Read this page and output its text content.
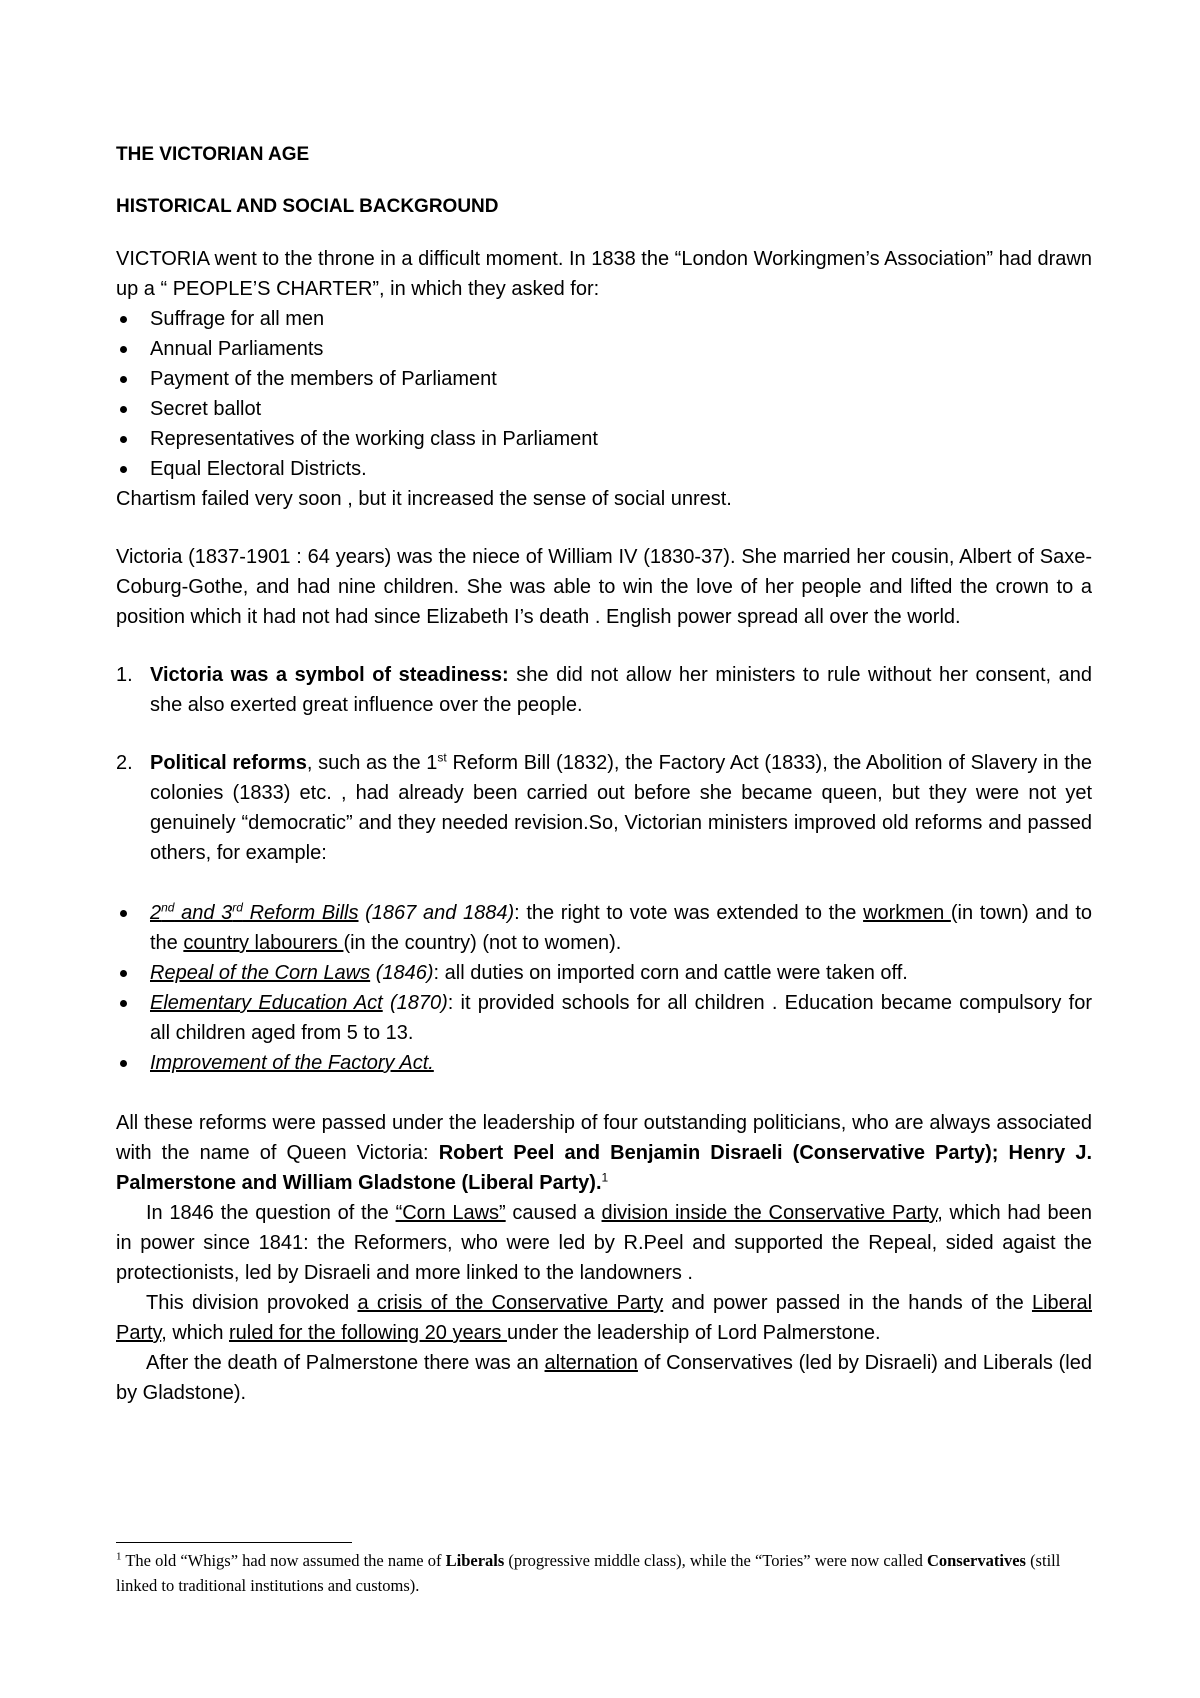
THE VICTORIAN AGE
HISTORICAL AND SOCIAL BACKGROUND

VICTORIA went to the throne in a difficult moment. In 1838 the “London Workingmen’s Association” had drawn up a “ PEOPLE’S CHARTER”, in which they asked for:

Suffrage for all men
Annual Parliaments
Payment of the members of Parliament
Secret ballot
Representatives of the working class in Parliament
Equal Electoral Districts.

Chartism failed very soon , but it increased the sense of social unrest.

Victoria (1837-1901 : 64 years) was the niece of William IV (1830-37). She married her cousin, Albert of Saxe-Coburg-Gothe, and had nine children. She was able to win the love of her people and lifted the crown to a position which it had not had since Elizabeth I’s death . English power spread all over the world.

1. Victoria was a symbol of steadiness: she did not allow her ministers to rule without her consent, and she also exerted great influence over the people.
2. Political reforms, such as the 1st Reform Bill (1832), the Factory Act (1833), the Abolition of Slavery in the colonies (1833) etc. , had already been carried out before she became queen, but they were not yet genuinely “democratic” and they needed revision.So, Victorian ministers improved old reforms and passed others, for example:
2nd and 3rd Reform Bills (1867 and 1884): the right to vote was extended to the workmen (in town) and to the country labourers (in the country) (not to women).
Repeal of the Corn Laws (1846): all duties on imported corn and cattle were taken off.
Elementary Education Act (1870): it provided schools for all children . Education became compulsory for all children aged from 5 to 13.
Improvement of the Factory Act.

All these reforms were passed under the leadership of four outstanding politicians, who are always associated with the name of Queen Victoria: Robert Peel and Benjamin Disraeli (Conservative Party); Henry J. Palmerstone and William Gladstone (Liberal Party).$^1$

In 1846 the question of the “Corn Laws” caused a division inside the Conservative Party, which had been in power since 1841: the Reformers, who were led by R.Peel and supported the Repeal, sided agaist the protectionists, led by Disraeli and more linked to the landowners .

This division provoked a crisis of the Conservative Party and power passed in the hands of the Liberal Party, which ruled for the following 20 years under the leadership of Lord Palmerstone.

After the death of Palmerstone there was an alternation of Conservatives (led by Disraeli) and Liberals (led by Gladstone).

$^1$ The old “Whigs” had now assumed the name of Liberals (progressive middle class), while the “Tories” were now called Conservatives (still linked to traditional institutions and customs).
